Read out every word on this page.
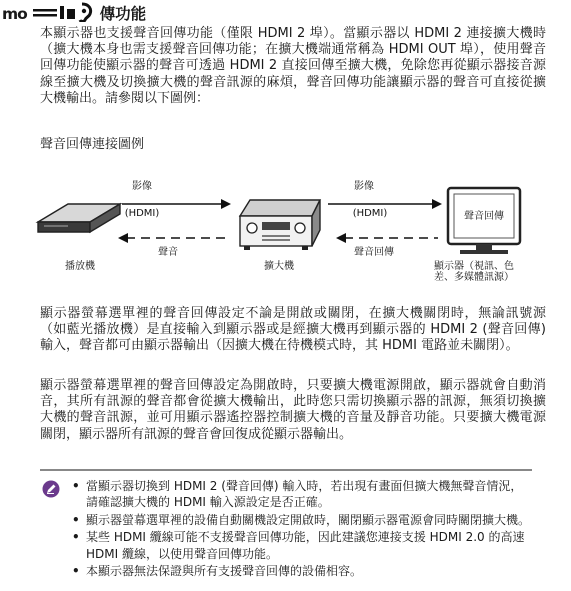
mo	傳功能

本顯示器也支援聲音回傳功能（僅限 HDMI 2 埠）。當顯示器以 HDMI 2 連接擴大機時（擴大機本身也需支援聲音回傳功能；在擴大機端通常稱為 HDMI OUT 埠），使用聲音回傳功能使顯示器的聲音可透過 HDMI 2 直接回傳至擴大機，免除您再從顯示器接音源線至擴大機及切換擴大機的聲音訊源的麻煩，聲音回傳功能讓顯示器的聲音可直接從擴大機輸出。請參閱以下圖例：

聲音回傳連接圖例
影像
(HDMI)
聲音
影像
(HDMI)
聲音回傳
播放機	擴大機
聲音回傳
顯示器（視訊、色
差、多媒體訊源）

顯示器螢幕選單裡的聲音回傳設定不論是開啟或關閉，在擴大機關閉時，無論訊號源（如藍光播放機）是直接輸入到顯示器或是經擴大機再到顯示器的 HDMI 2 (聲音回傳) 輸入，聲音都可由顯示器輸出（因擴大機在待機模式時，其 HDMI 電路並未關閉）。

顯示器螢幕選單裡的聲音回傳設定為開啟時，只要擴大機電源開啟，顯示器就會自動消音，其所有訊源的聲音都會從擴大機輸出，此時您只需切換顯示器的訊源，無須切換擴大機的聲音訊源，並可用顯示器遙控器控制擴大機的音量及靜音功能。只要擴大機電源關閉，顯示器所有訊源的聲音會回復成從顯示器輸出。

• 當顯示器切換到 HDMI 2 (聲音回傳) 輸入時，若出現有畫面但擴大機無聲音情況，請確認擴大機的 HDMI 輸入源設定是否正確。
• 顯示器螢幕選單裡的設備自動關機設定開啟時，關閉顯示器電源會同時關閉擴大機。
• 某些 HDMI 纜線可能不支援聲音回傳功能，因此建議您連接支援 HDMI 2.0 的高速 HDMI 纜線，以使用聲音回傳功能。
• 本顯示器無法保證與所有支援聲音回傳的設備相容。
